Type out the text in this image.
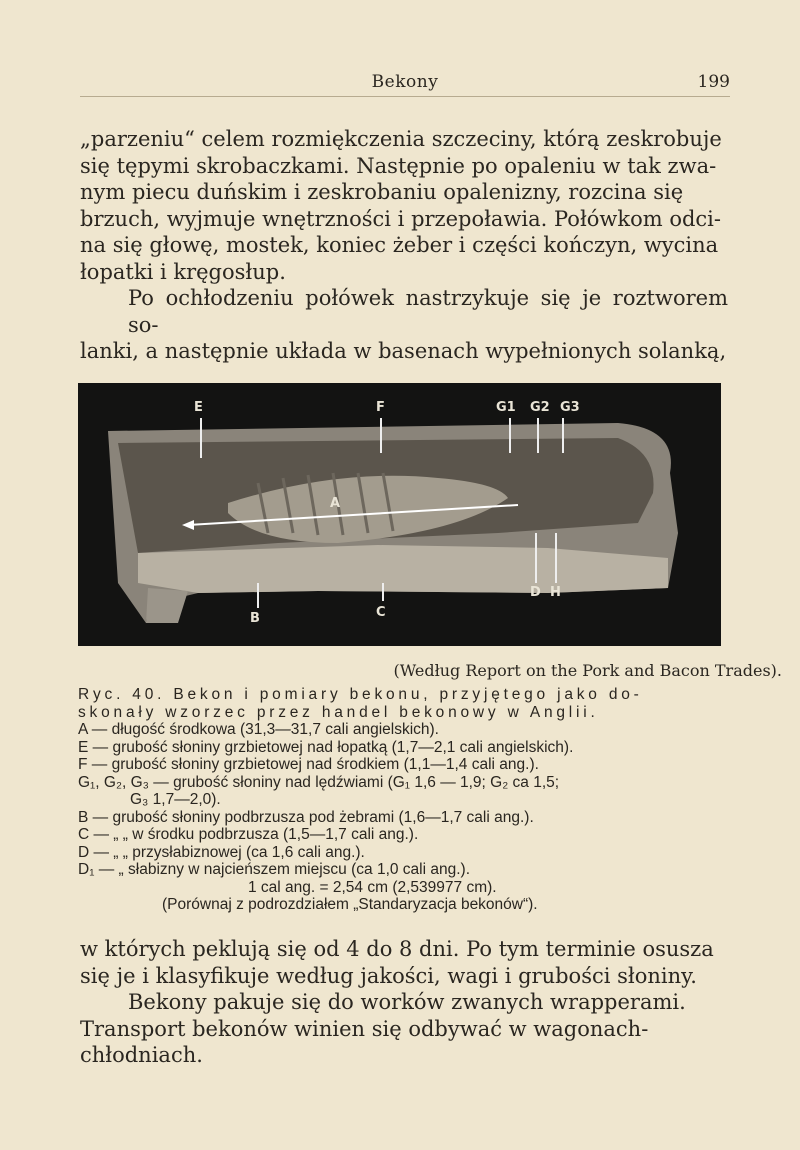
Bekony	199
„parzeniu“ celem rozmiękczenia szczeciny, którą zeskrobuje
się tępymi skrobaczkami. Następnie po opaleniu w tak zwa-
nym piecu duńskim i zeskrobaniu opalenizny, rozcina się
brzuch, wyjmuje wnętrzności i przepoławia. Połówkom odci-
na się głowę, mostek, koniec żeber i części kończyn, wycina
łopatki i kręgosłup.
Po ochłodzeniu połówek nastrzykuje się je roztworem so-
lanki, a następnie układa w basenach wypełnionych solanką,
E	F	G1 G2 G3
A
B	C
D H
(Według Report on the Pork and Bacon Trades).
Ryc. 40. Bekon i pomiary bekonu, przyjętego jako do-
skonały wzorzec przez handel bekonowy w Anglii.
A — długość środkowa (31,3—31,7 cali angielskich).
E — grubość słoniny grzbietowej nad łopatką (1,7—2,1 cali angielskich).
F — grubość słoniny grzbietowej nad środkiem (1,1—1,4 cali ang.).
G₁, G₂, G₃ — grubość słoniny nad lędźwiami (G₁ 1,6 — 1,9; G₂ ca 1,5;
G₃ 1,7—2,0).
B — grubość słoniny podbrzusza pod żebrami (1,6—1,7 cali ang.).
C — „ „ w środku podbrzusza (1,5—1,7 cali ang.).
D — „ „ przysłabiznowej (ca 1,6 cali ang.).
D₁ — „ słabizny w najcieńszem miejscu (ca 1,0 cali ang.).
1 cal ang. = 2,54 cm (2,539977 cm).
(Porównaj z podrozdziałem „Standaryzacja bekonów“).
w których peklują się od 4 do 8 dni. Po tym terminie osusza
się je i klasyfikuje według jakości, wagi i grubości słoniny.
Bekony pakuje się do worków zwanych wrapperami.
Transport bekonów winien się odbywać w wagonach-
chłodniach.
